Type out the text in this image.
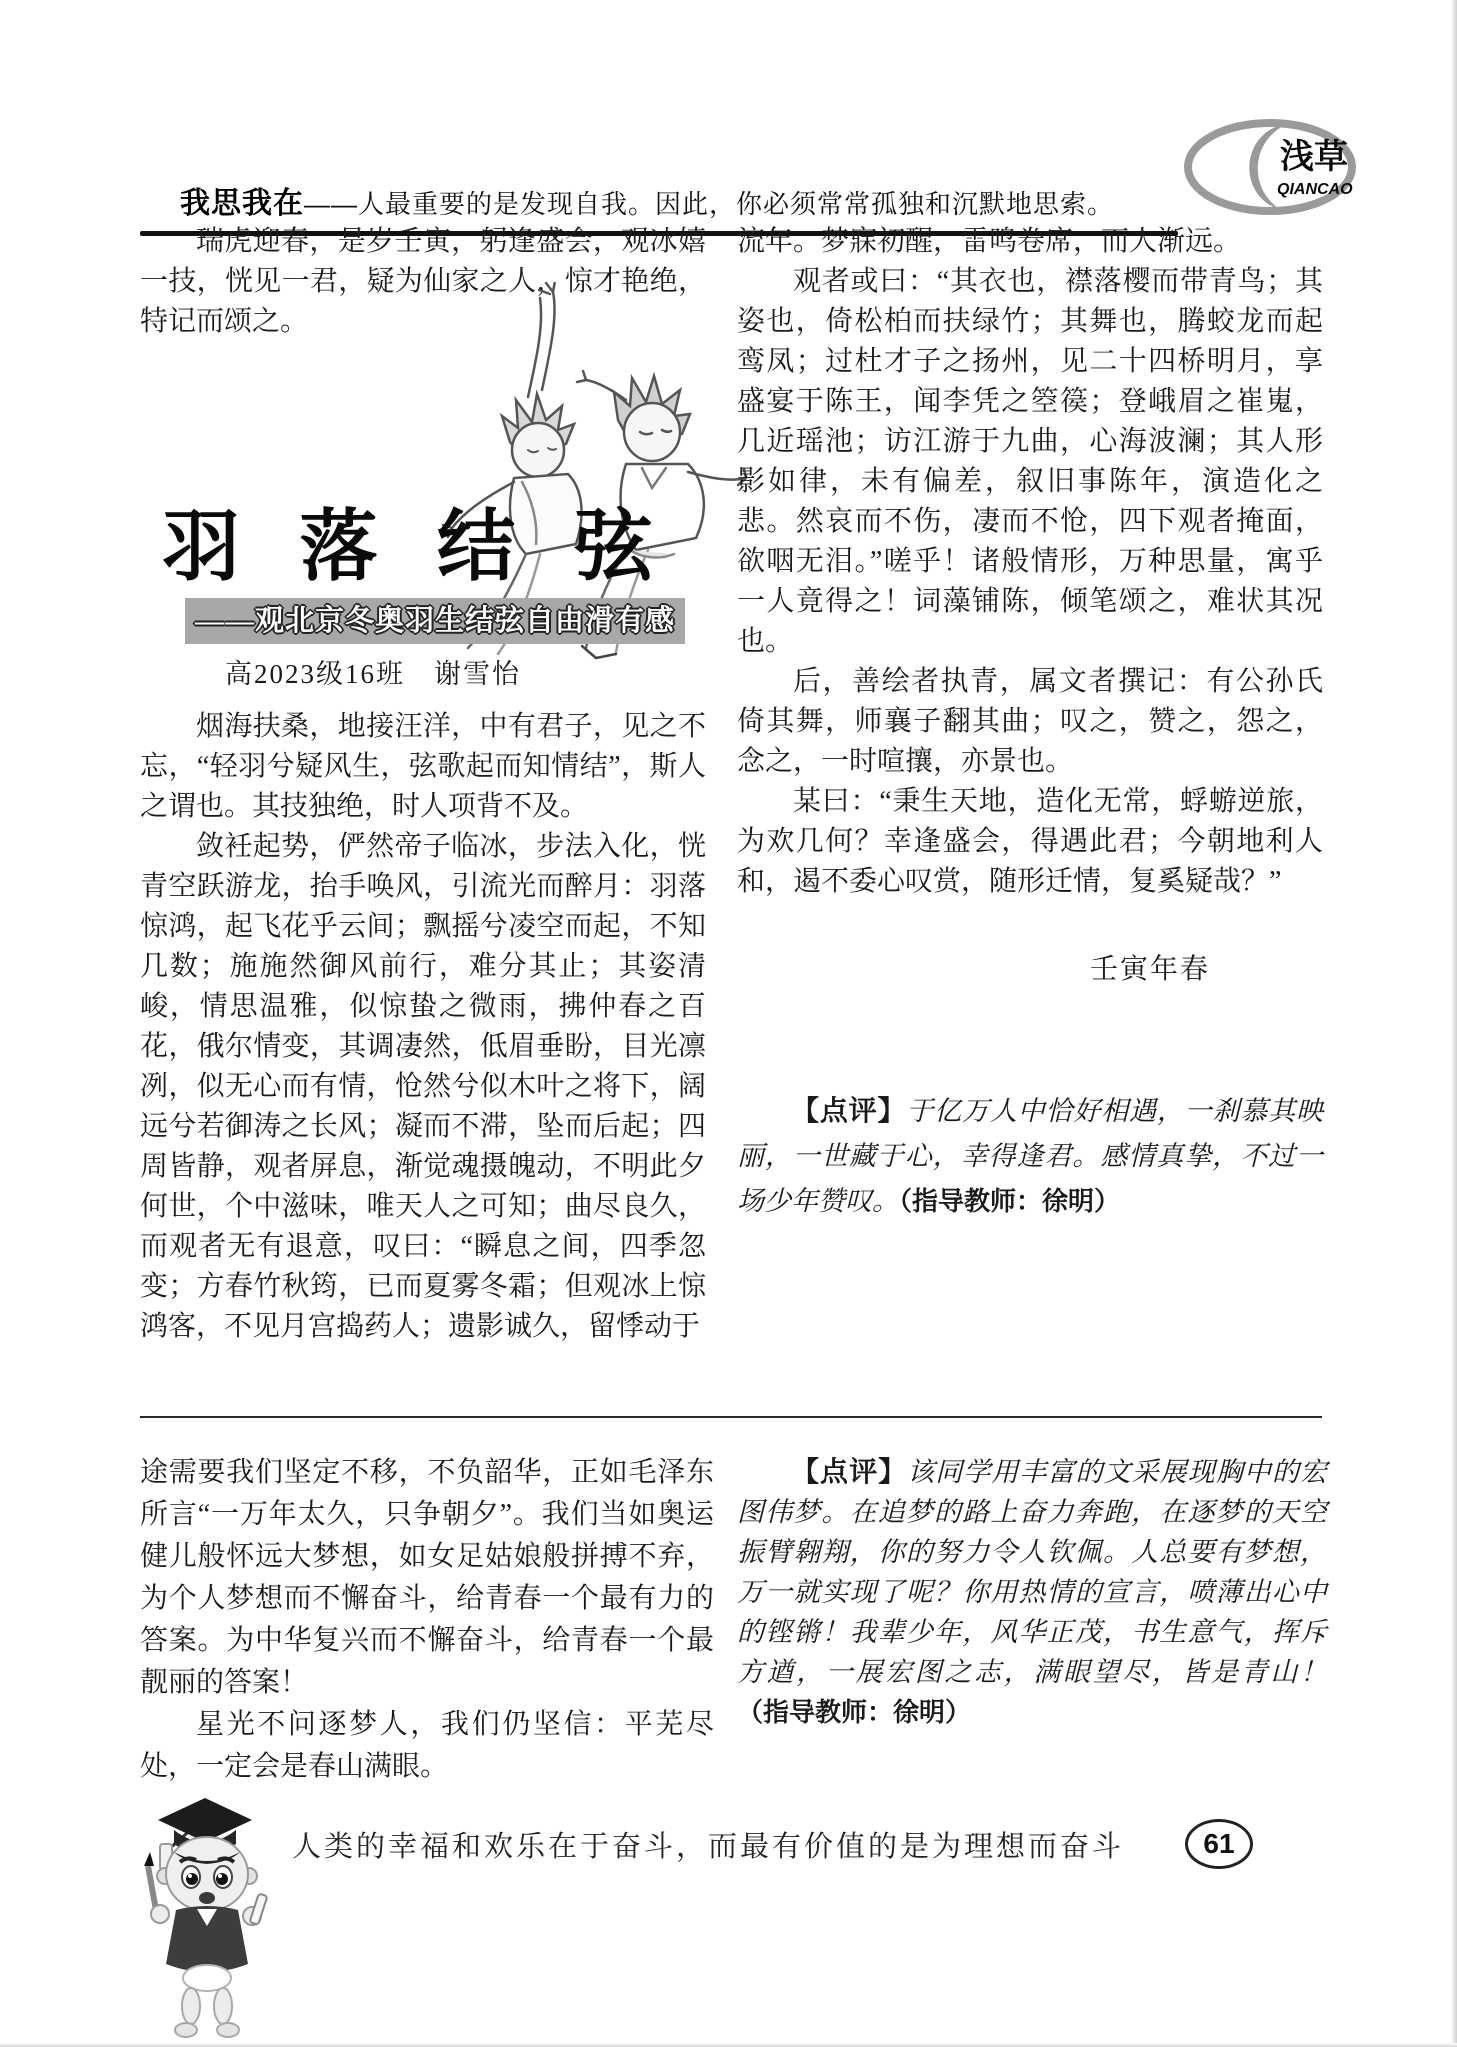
我思我在——人最重要的是发现自我。因此，你必须常常孤独和沉默地思索。
浅草
QIANCAO

瑞虎迎春，是岁壬寅，躬逢盛会，观冰嬉一技，恍见一君，疑为仙家之人，惊才艳绝，特记而颂之。

羽 落 结 弦
——观北京冬奥羽生结弦自由滑有感
高2023级16班　谢雪怡

烟海扶桑，地接汪洋，中有君子，见之不忘，“轻羽兮疑风生，弦歌起而知情结”，斯人之谓也。其技独绝，时人项背不及。

敛衽起势，俨然帝子临冰，步法入化，恍青空跃游龙，抬手唤风，引流光而醉月：羽落惊鸿，起飞花乎云间；飘摇兮凌空而起，不知几数；施施然御风前行，难分其止；其姿清峻，情思温雅，似惊蛰之微雨，拂仲春之百花，俄尔情变，其调凄然，低眉垂盼，目光凛冽，似无心而有情，怆然兮似木叶之将下，阔远兮若御涛之长风；凝而不滞，坠而后起；四周皆静，观者屏息，渐觉魂摄魄动，不明此夕何世，个中滋味，唯天人之可知；曲尽良久，而观者无有退意，叹曰：“瞬息之间，四季忽变；方春竹秋筠，已而夏雾冬霜；但观冰上惊鸿客，不见月宫捣药人；遗影诚久，留悸动于

流年。梦寐初醒，雷鸣卷席，而人渐远。

观者或曰：“其衣也，襟落樱而带青鸟；其姿也，倚松柏而扶绿竹；其舞也，腾蛟龙而起鸾凤；过杜才子之扬州，见二十四桥明月，享盛宴于陈王，闻李凭之箜篌；登峨眉之崔嵬，几近瑶池；访江游于九曲，心海波澜；其人形影如律，未有偏差，叙旧事陈年，演造化之悲。然哀而不伤，凄而不怆，四下观者掩面，欲咽无泪。”嗟乎！诸般情形，万种思量，寓乎一人竟得之！词藻铺陈，倾笔颂之，难状其况也。

后，善绘者执青，属文者撰记：有公孙氏倚其舞，师襄子翻其曲；叹之，赞之，怨之，念之，一时喧攘，亦景也。

某曰：“秉生天地，造化无常，蜉蝣逆旅，为欢几何？幸逢盛会，得遇此君；今朝地利人和，遏不委心叹赏，随形迁情，复奚疑哉？”

壬寅年春

【点评】于亿万人中恰好相遇，一刹慕其映丽，一世藏于心，幸得逢君。感情真挚，不过一场少年赞叹。（指导教师：徐明）

途需要我们坚定不移，不负韶华，正如毛泽东所言“一万年太久，只争朝夕”。我们当如奥运健儿般怀远大梦想，如女足姑娘般拼搏不弃，为个人梦想而不懈奋斗，给青春一个最有力的答案。为中华复兴而不懈奋斗，给青春一个最靓丽的答案！

星光不问逐梦人，我们仍坚信：平芜尽处，一定会是春山满眼。

【点评】该同学用丰富的文采展现胸中的宏图伟梦。在追梦的路上奋力奔跑，在逐梦的天空振臂翱翔，你的努力令人钦佩。人总要有梦想，万一就实现了呢？你用热情的宣言，喷薄出心中的铿锵！我辈少年，风华正茂，书生意气，挥斥方遒，一展宏图之志，满眼望尽，皆是青山！（指导教师：徐明）

人类的幸福和欢乐在于奋斗，而最有价值的是为理想而奋斗	61
